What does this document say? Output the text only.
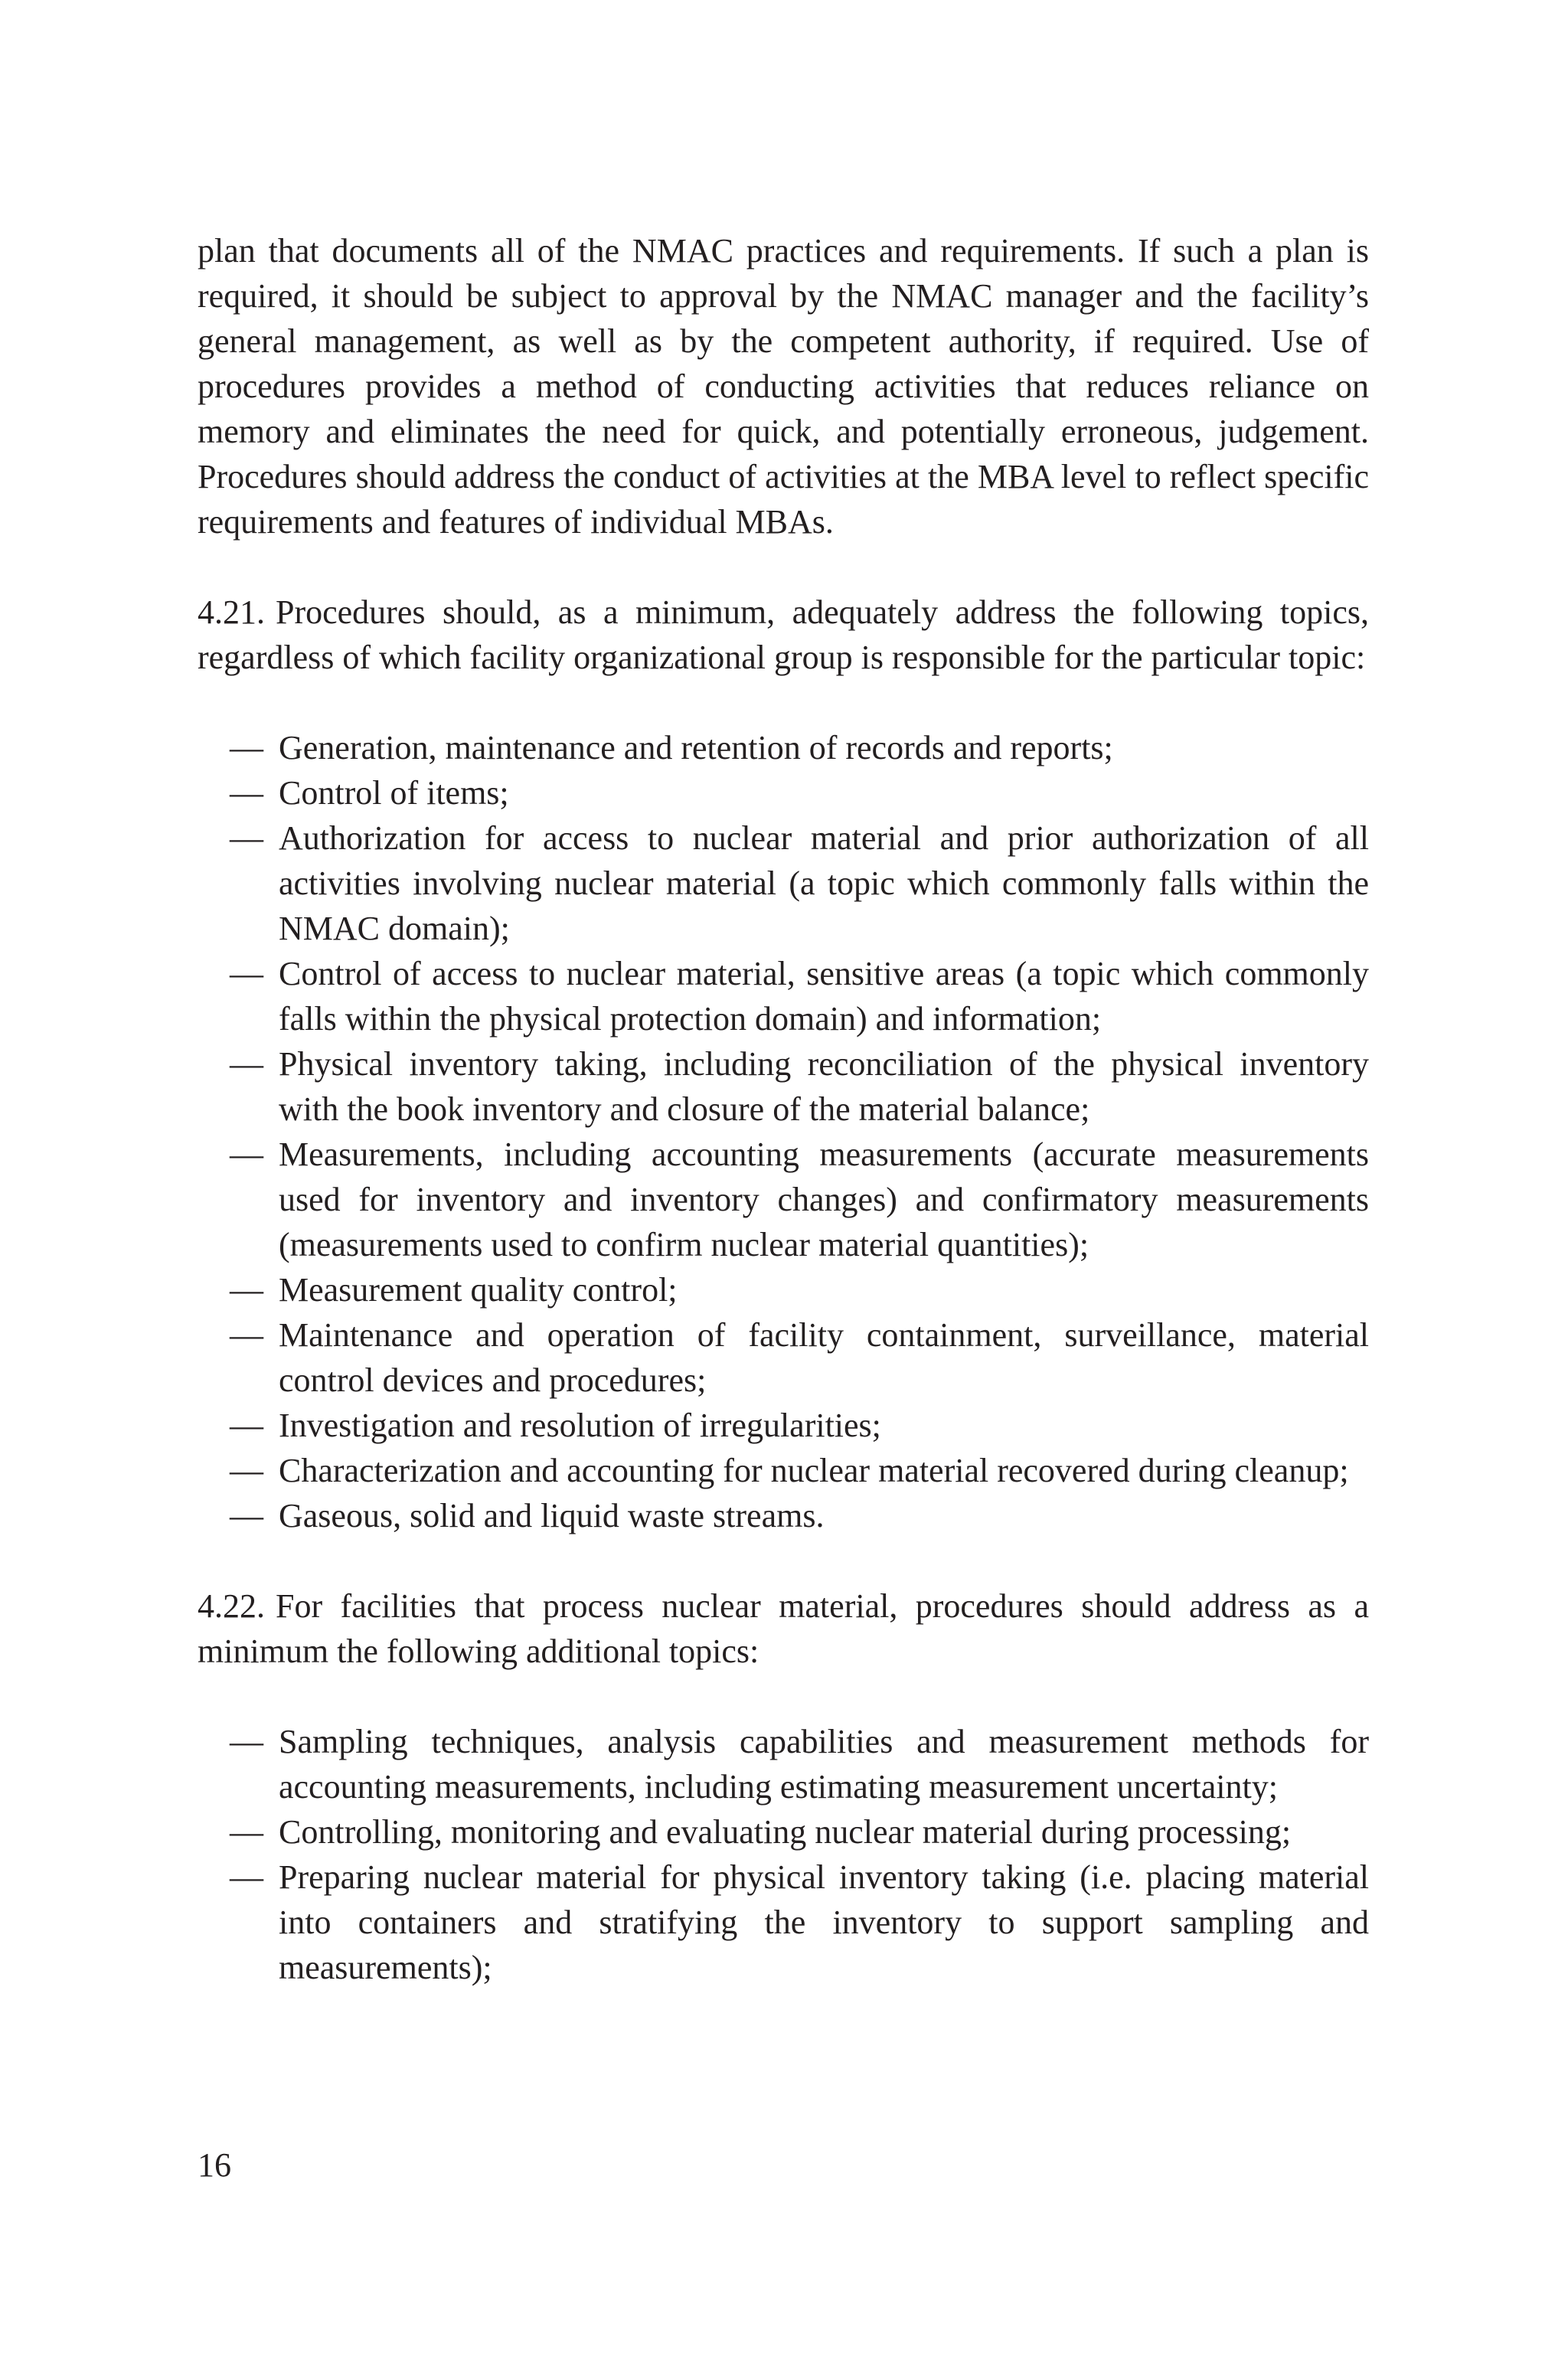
plan that documents all of the NMAC practices and requirements. If such a plan is required, it should be subject to approval by the NMAC manager and the facility’s general management, as well as by the competent authority, if required. Use of procedures provides a method of conducting activities that reduces reliance on memory and eliminates the need for quick, and potentially erroneous, judgement. Procedures should address the conduct of activities at the MBA level to reflect specific requirements and features of individual MBAs.

4.21. Procedures should, as a minimum, adequately address the following topics, regardless of which facility organizational group is responsible for the particular topic:

— Generation, maintenance and retention of records and reports;
— Control of items;
— Authorization for access to nuclear material and prior authorization of all activities involving nuclear material (a topic which commonly falls within the NMAC domain);
— Control of access to nuclear material, sensitive areas (a topic which commonly falls within the physical protection domain) and information;
— Physical inventory taking, including reconciliation of the physical inventory with the book inventory and closure of the material balance;
— Measurements, including accounting measurements (accurate measurements used for inventory and inventory changes) and confirmatory measurements (measurements used to confirm nuclear material quantities);
— Measurement quality control;
— Maintenance and operation of facility containment, surveillance, material control devices and procedures;
— Investigation and resolution of irregularities;
— Characterization and accounting for nuclear material recovered during cleanup;
— Gaseous, solid and liquid waste streams.

4.22. For facilities that process nuclear material, procedures should address as a minimum the following additional topics:

— Sampling techniques, analysis capabilities and measurement methods for accounting measurements, including estimating measurement uncertainty;
— Controlling, monitoring and evaluating nuclear material during processing;
— Preparing nuclear material for physical inventory taking (i.e. placing material into containers and stratifying the inventory to support sampling and measurements);
16
